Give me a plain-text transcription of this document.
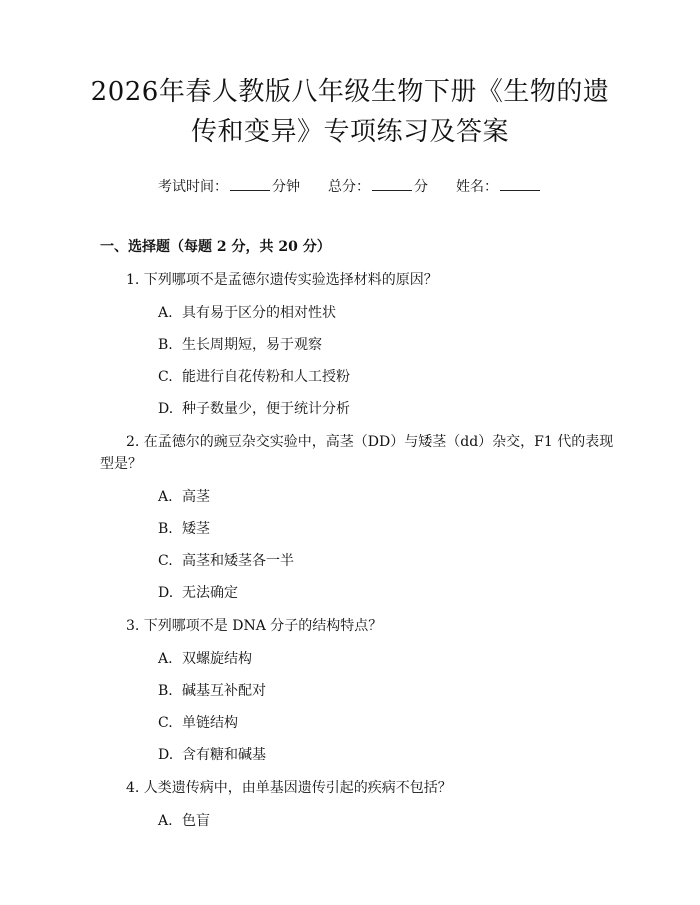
2026年春人教版八年级生物下册《生物的遗传和变异》专项练习及答案
考试时间：	分钟 总分：	分 姓名：
一、选择题（每题 2 分，共 20 分）
1. 下列哪项不是孟德尔遗传实验选择材料的原因？
A. 具有易于区分的相对性状
B. 生长周期短，易于观察
C. 能进行自花传粉和人工授粉
D. 种子数量少，便于统计分析
2. 在孟德尔的豌豆杂交实验中，高茎（DD）与矮茎（dd）杂交，F1 代的表现型是？
A. 高茎
B. 矮茎
C. 高茎和矮茎各一半
D. 无法确定
3. 下列哪项不是 DNA 分子的结构特点？
A. 双螺旋结构
B. 碱基互补配对
C. 单链结构
D. 含有糖和碱基
4. 人类遗传病中，由单基因遗传引起的疾病不包括？
A. 色盲
